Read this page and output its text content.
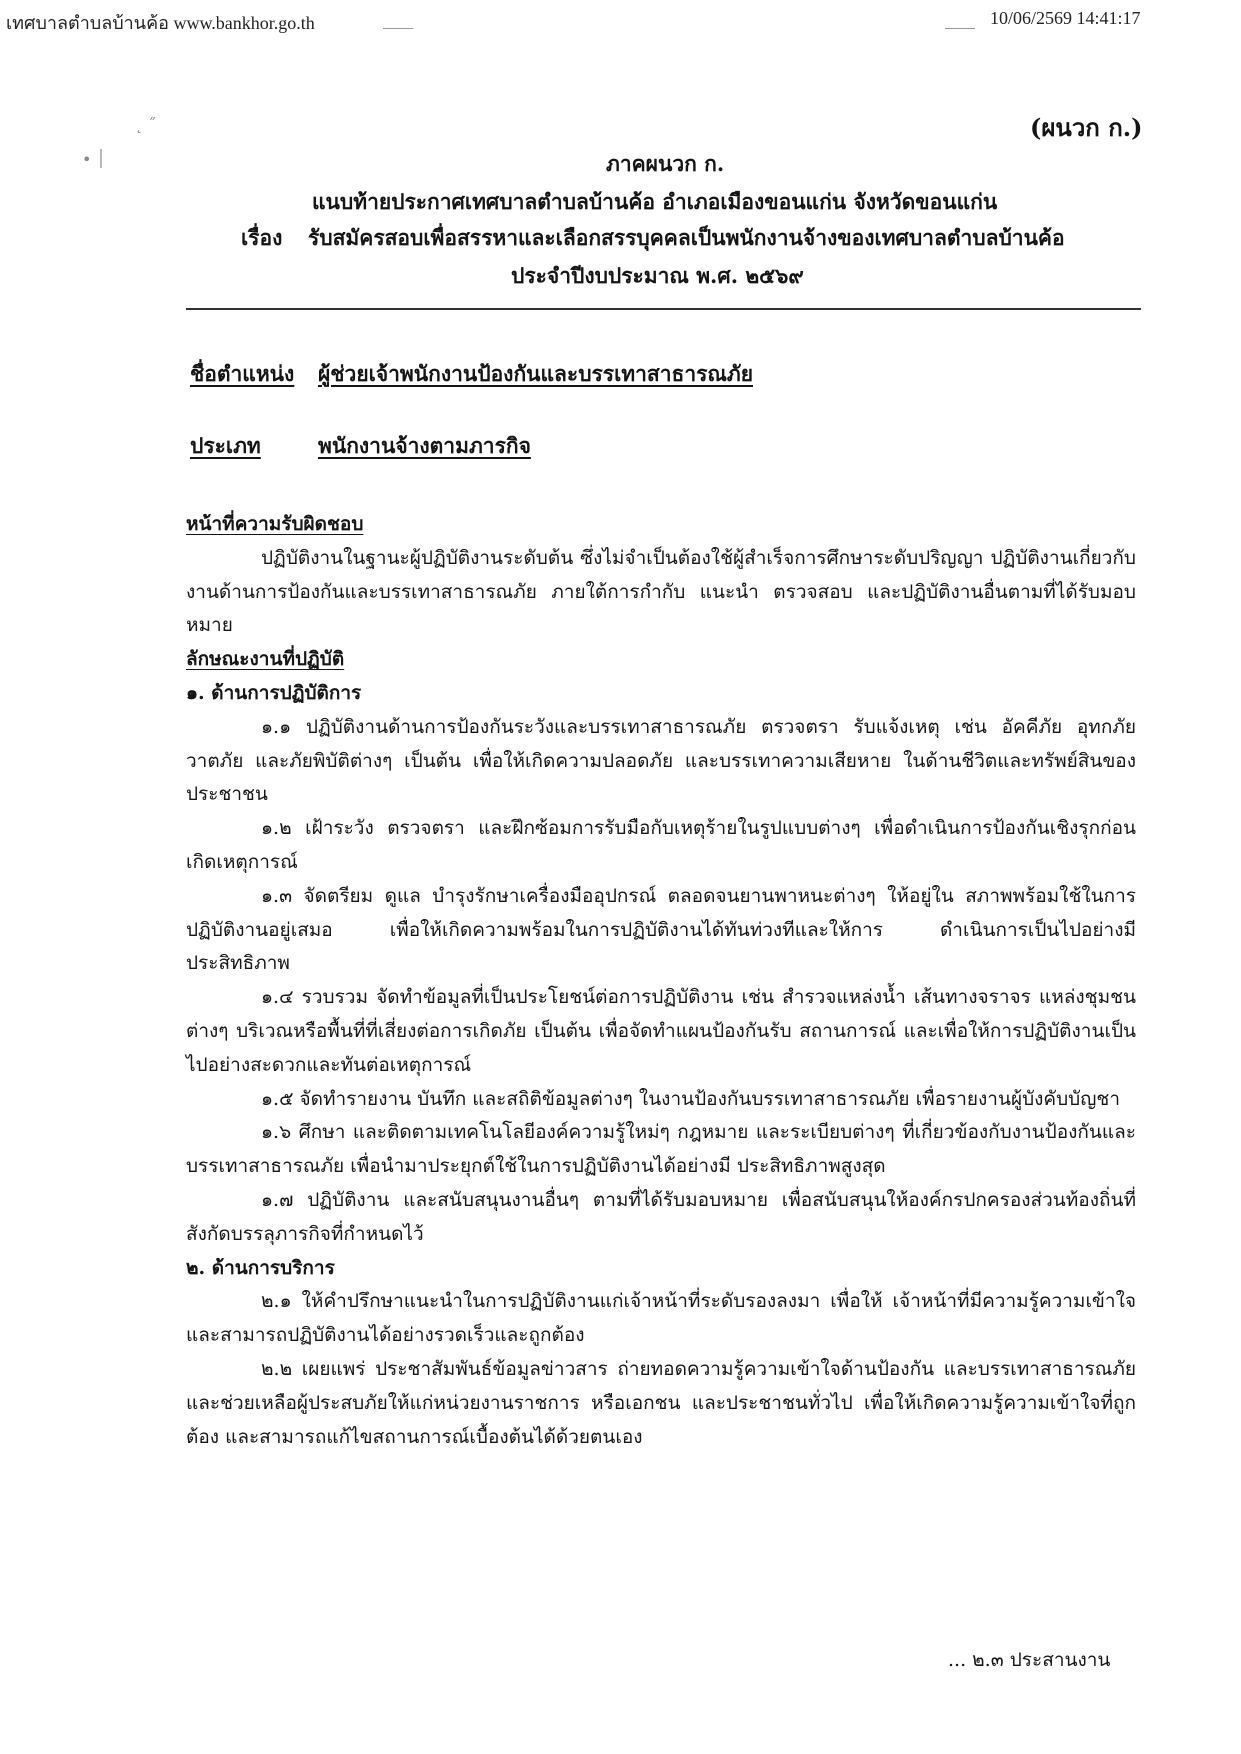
เทศบาลตำบลบ้านค้อ www.bankhor.go.th	10/06/2569 14:41:17
˛ ˝
• ׀
(ผนวก ก.)
ภาคผนวก ก.
แนบท้ายประกาศเทศบาลตำบลบ้านค้อ อำเภอเมืองขอนแก่น จังหวัดขอนแก่น
เรื่อง รับสมัครสอบเพื่อสรรหาและเลือกสรรบุคคลเป็นพนักงานจ้างของเทศบาลตำบลบ้านค้อ
ประจำปีงบประมาณ พ.ศ. ๒๕๖๙
ชื่อตำแหน่ง ผู้ช่วยเจ้าพนักงานป้องกันและบรรเทาสาธารณภัย
ประเภท	พนักงานจ้างตามภารกิจ

หน้าที่ความรับผิดชอบ

ปฏิบัติงานในฐานะผู้ปฏิบัติงานระดับต้น ซึ่งไม่จำเป็นต้องใช้ผู้สำเร็จการศึกษาระดับปริญญา ปฏิบัติงานเกี่ยวกับงานด้านการป้องกันและบรรเทาสาธารณภัย ภายใต้การกำกับ แนะนำ ตรวจสอบ และปฏิบัติงานอื่นตามที่ได้รับมอบหมาย

ลักษณะงานที่ปฏิบัติ

๑. ด้านการปฏิบัติการ

๑.๑ ปฏิบัติงานด้านการป้องกันระวังและบรรเทาสาธารณภัย ตรวจตรา รับแจ้งเหตุ เช่น อัคคีภัย อุทกภัย วาตภัย และภัยพิบัติต่างๆ เป็นต้น เพื่อให้เกิดความปลอดภัย และบรรเทาความเสียหาย ในด้านชีวิตและทรัพย์สินของประชาชน

๑.๒ เฝ้าระวัง ตรวจตรา และฝึกซ้อมการรับมือกับเหตุร้ายในรูปแบบต่างๆ เพื่อดำเนินการป้องกันเชิงรุกก่อนเกิดเหตุการณ์

๑.๓ จัดตรียม ดูแล บำรุงรักษาเครื่องมืออุปกรณ์ ตลอดจนยานพาหนะต่างๆ ให้อยู่ใน สภาพพร้อมใช้ในการปฏิบัติงานอยู่เสมอ เพื่อให้เกิดความพร้อมในการปฏิบัติงานได้ทันท่วงทีและให้การ ดำเนินการเป็นไปอย่างมีประสิทธิภาพ

๑.๔ รวบรวม จัดทำข้อมูลที่เป็นประโยชน์ต่อการปฏิบัติงาน เช่น สำรวจแหล่งน้ำ เส้นทางจราจร แหล่งชุมชนต่างๆ บริเวณหรือพื้นที่ที่เสี่ยงต่อการเกิดภัย เป็นต้น เพื่อจัดทำแผนป้องกันรับ สถานการณ์ และเพื่อให้การปฏิบัติงานเป็นไปอย่างสะดวกและทันต่อเหตุการณ์

๑.๕ จัดทำรายงาน บันทึก และสถิติข้อมูลต่างๆ ในงานป้องกันบรรเทาสาธารณภัย เพื่อรายงานผู้บังคับบัญชา

๑.๖ ศึกษา และติดตามเทคโนโลยีองค์ความรู้ใหม่ๆ กฎหมาย และระเบียบต่างๆ ที่เกี่ยวข้องกับงานป้องกันและบรรเทาสาธารณภัย เพื่อนำมาประยุกต์ใช้ในการปฏิบัติงานได้อย่างมี ประสิทธิภาพสูงสุด

๑.๗ ปฏิบัติงาน และสนับสนุนงานอื่นๆ ตามที่ได้รับมอบหมาย เพื่อสนับสนุนให้องค์กรปกครองส่วนท้องถิ่นที่สังกัดบรรลุภารกิจที่กำหนดไว้

๒. ด้านการบริการ

๒.๑ ให้คำปรึกษาแนะนำในการปฏิบัติงานแก่เจ้าหน้าที่ระดับรองลงมา เพื่อให้ เจ้าหน้าที่มีความรู้ความเข้าใจและสามารถปฏิบัติงานได้อย่างรวดเร็วและถูกต้อง

๒.๒ เผยแพร่ ประชาสัมพันธ์ข้อมูลข่าวสาร ถ่ายทอดความรู้ความเข้าใจด้านป้องกัน และบรรเทาสาธารณภัยและช่วยเหลือผู้ประสบภัยให้แก่หน่วยงานราชการ หรือเอกชน และประชาชนทั่วไป เพื่อให้เกิดความรู้ความเข้าใจที่ถูกต้อง และสามารถแก้ไขสถานการณ์เบื้องต้นได้ด้วยตนเอง

... ๒.๓ ประสานงาน
